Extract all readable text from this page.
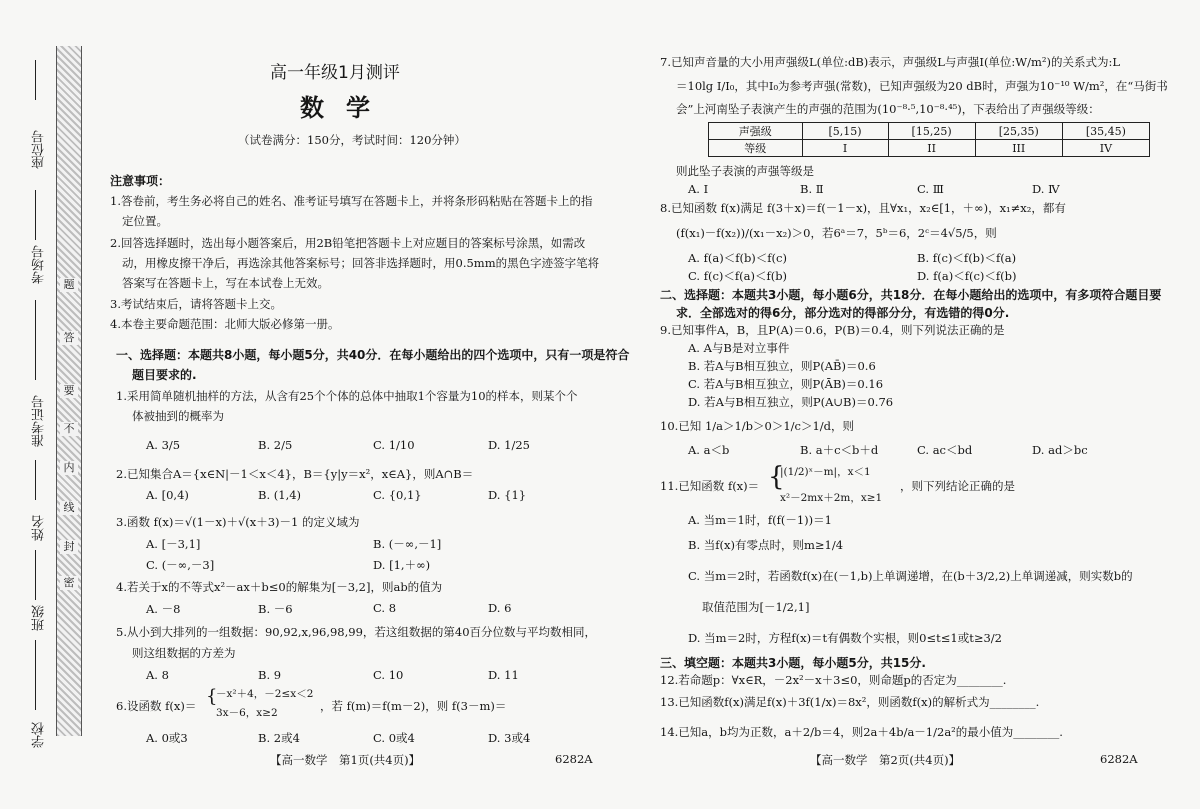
座位号
考场号
准考证号
姓名
班级
学校
题
答
要
不
内
线
封
密
高一年级1月测评
数学
（试卷满分：150分，考试时间：120分钟）
注意事项：
1.答卷前，考生务必将自己的姓名、准考证号填写在答题卡上，并将条形码粘贴在答题卡上的指
定位置。
2.回答选择题时，选出每小题答案后，用2B铅笔把答题卡上对应题目的答案标号涂黑，如需改
动，用橡皮擦干净后，再选涂其他答案标号；回答非选择题时，用0.5mm的黑色字迹签字笔将
答案写在答题卡上，写在本试卷上无效。
3.考试结束后，请将答题卡上交。
4.本卷主要命题范围：北师大版必修第一册。
一、选择题：本题共8小题，每小题5分，共40分．在每小题给出的四个选项中，只有一项是符合
题目要求的.
1.采用简单随机抽样的方法，从含有25个个体的总体中抽取1个容量为10的样本，则某个个
体被抽到的概率为
A. 3/5	B. 2/5	C. 1/10	D. 1/25
2.已知集合A＝{x∈N|－1＜x＜4}，B＝{y|y＝x²，x∈A}，则A∩B＝
A. [0,4)	B. (1,4)	C. {0,1}	D. {1}
3.函数 f(x)＝√(1－x)＋√(x＋3)－1 的定义域为
A. [－3,1]	B. (－∞,－1]
C. (－∞,－3]	D. [1,＋∞)
4.若关于x的不等式x²－ax＋b≤0的解集为[－3,2]，则ab的值为
A. －8	B. －6	C. 8	D. 6
5.从小到大排列的一组数据：90,92,x,96,98,99，若这组数据的第40百分位数与平均数相同，
则这组数据的方差为
A. 8	B. 9	C. 10	D. 11
6.设函数 f(x)＝ {
－x²＋4，－2≤x＜2
3x－6，x≥2	，若 f(m)＝f(m－2)，则 f(3－m)＝
A. 0或3	B. 2或4	C. 0或4	D. 3或4
【高一数学　第1页(共4页)】	6282A
7.已知声音量的大小用声强级L(单位:dB)表示，声强级L与声强I(单位:W/m²)的关系式为:L
＝10lg I/I₀，其中I₀为参考声强(常数)，已知声强级为20 dB时，声强为10⁻¹⁰ W/m²，在“马街书
会”上河南坠子表演产生的声强的范围为(10⁻⁸·⁵,10⁻⁸·⁴⁵)，下表给出了声强级等级：
声强级	[5,15)	[15,25)	[25,35)	[35,45)
等级	I	II	III	IV
则此坠子表演的声强等级是
A. Ⅰ	B. Ⅱ	C. Ⅲ	D. Ⅳ
8.已知函数 f(x)满足 f(3＋x)＝f(－1－x)，且∀x₁，x₂∈[1，＋∞)，x₁≠x₂，都有
(f(x₁)－f(x₂))/(x₁－x₂)＞0，若6ᵃ＝7，5ᵇ＝6，2ᶜ＝4√5/5，则
A. f(a)＜f(b)＜f(c)	B. f(c)＜f(b)＜f(a)
C. f(c)＜f(a)＜f(b)	D. f(a)＜f(c)＜f(b)
二、选择题：本题共3小题，每小题6分，共18分．在每小题给出的选项中，有多项符合题目要
求．全部选对的得6分，部分选对的得部分分，有选错的得0分.
9.已知事件A，B，且P(A)＝0.6，P(B)＝0.4，则下列说法正确的是
A. A与B是对立事件
B. 若A与B相互独立，则P(AB̄)＝0.6
C. 若A与B相互独立，则P(ĀB)＝0.16
D. 若A与B相互独立，则P(A∪B)＝0.76
10.已知 1/a＞1/b＞0＞1/c＞1/d，则
A. a＜b	B. a＋c＜b＋d	C. ac＜bd	D. ad＞bc
11.已知函数 f(x)＝ {
|(1/2)ˣ－m|，x＜1
x²－2mx＋2m，x≥1
，则下列结论正确的是
A. 当m＝1时，f(f(－1))＝1
B. 当f(x)有零点时，则m≥1/4
C. 当m＝2时，若函数f(x)在(－1,b)上单调递增，在(b＋3/2,2)上单调递减，则实数b的
取值范围为[－1/2,1]
D. 当m＝2时，方程f(x)＝t有偶数个实根，则0≤t≤1或t≥3/2
三、填空题：本题共3小题，每小题5分，共15分.
12.若命题p：∀x∈R，－2x²－x＋3≤0，则命题p的否定为________.
13.已知函数f(x)满足f(x)＋3f(1/x)＝8x²，则函数f(x)的解析式为________.
14.已知a，b均为正数，a＋2/b＝4，则2a＋4b/a－1/2a²的最小值为________.
【高一数学　第2页(共4页)】	6282A
